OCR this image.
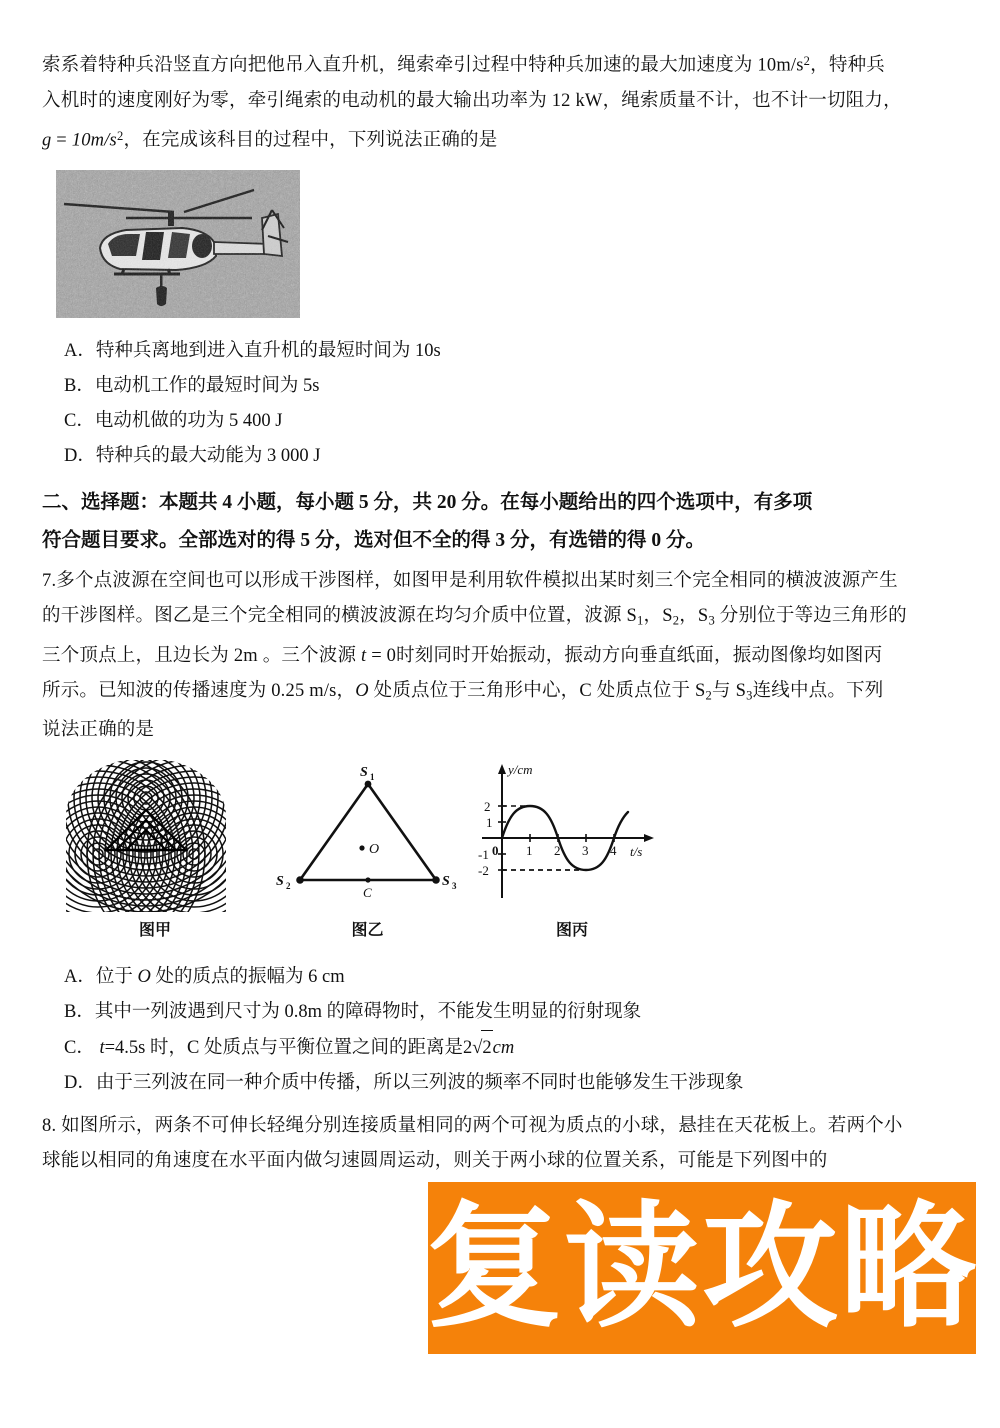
索系着特种兵沿竖直方向把他吊入直升机，绳索牵引过程中特种兵加速的最大加速度为 $10m/s^2$，特种兵

入机时的速度刚好为零，牵引绳索的电动机的最大输出功率为 12 kW，绳索质量不计，也不计一切阻力，

$g = 10m/s^2$，在完成该科目的过程中，下列说法正确的是

A．特种兵离地到进入直升机的最短时间为 10s

B．电动机工作的最短时间为 5s

C．电动机做的功为 5 400 J

D．特种兵的最大动能为 3 000 J

二、选择题：本题共 4 小题，每小题 5 分，共 20 分。在每小题给出的四个选项中，有多项

符合题目要求。全部选对的得 5 分，选对但不全的得 3 分，有选错的得 0 分。

7.多个点波源在空间也可以形成干涉图样，如图甲是利用软件模拟出某时刻三个完全相同的横波波源产生

的干涉图样。图乙是三个完全相同的横波波源在均匀介质中位置，波源 $S_1$，$S_2$，$S_3$ 分别位于等边三角形的

三个顶点上，且边长为 2m 。三个波源 t = 0时刻同时开始振动，振动方向垂直纸面，振动图像均如图丙

所示。已知波的传播速度为 0.25 m/s，O 处质点位于三角形中心，C 处质点位于 $S_2$与 $S_3$连线中点。下列

说法正确的是

图甲
S 1
S 2	S 3
O
C
图乙
y/cm
t/s
2
1
-1
-2
0 1 2 3 4
图丙

A．位于 O 处的质点的振幅为 6 cm

B．其中一列波遇到尺寸为 0.8m 的障碍物时，不能发生明显的衍射现象

C． t=4.5s 时，C 处质点与平衡位置之间的距离是2√2cm

D．由于三列波在同一种介质中传播，所以三列波的频率不同时也能够发生干涉现象

8. 如图所示，两条不可伸长轻绳分别连接质量相同的两个可视为质点的小球，悬挂在天花板上。若两个小

球能以相同的角速度在水平面内做匀速圆周运动，则关于两小球的位置关系，可能是下列图中的

复读攻略
